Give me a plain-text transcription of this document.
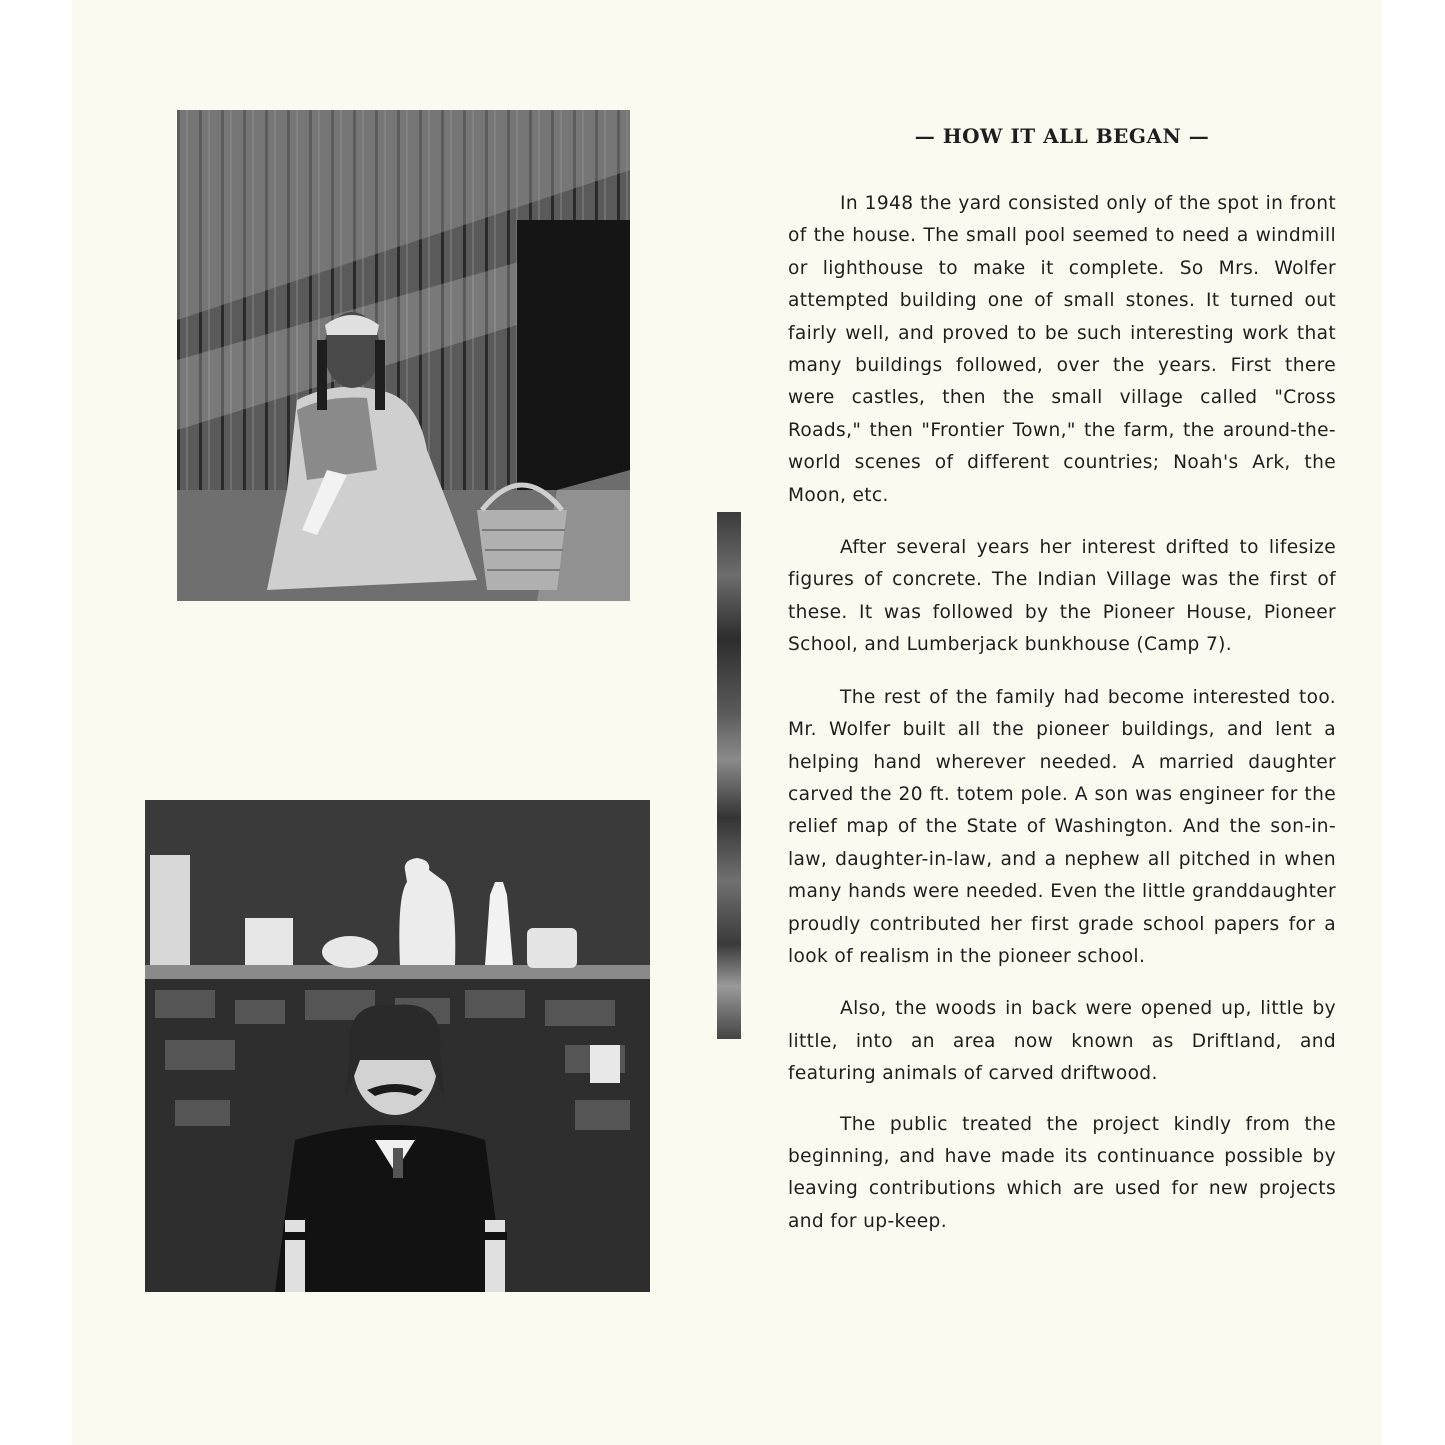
— HOW IT ALL BEGAN —

In 1948 the yard consisted only of the spot in front of the house. The small pool seemed to need a windmill or lighthouse to make it complete. So Mrs. Wolfer attempted building one of small stones. It turned out fairly well, and proved to be such interesting work that many buildings followed, over the years. First there were castles, then the small village called "Cross Roads," then "Frontier Town," the farm, the around-the-world scenes of different countries; Noah's Ark, the Moon, etc.

After several years her interest drifted to lifesize figures of concrete. The Indian Village was the first of these. It was followed by the Pioneer House, Pioneer School, and Lumberjack bunkhouse (Camp 7).

The rest of the family had become interested too. Mr. Wolfer built all the pioneer buildings, and lent a helping hand wherever needed. A married daughter carved the 20 ft. totem pole. A son was engineer for the relief map of the State of Washington. And the son-in-law, daughter-in-law, and a nephew all pitched in when many hands were needed. Even the little granddaughter proudly contributed her first grade school papers for a look of realism in the pioneer school.

Also, the woods in back were opened up, little by little, into an area now known as Driftland, and featuring animals of carved driftwood.

The public treated the project kindly from the beginning, and have made its continuance possible by leaving contributions which are used for new projects and for up-keep.
